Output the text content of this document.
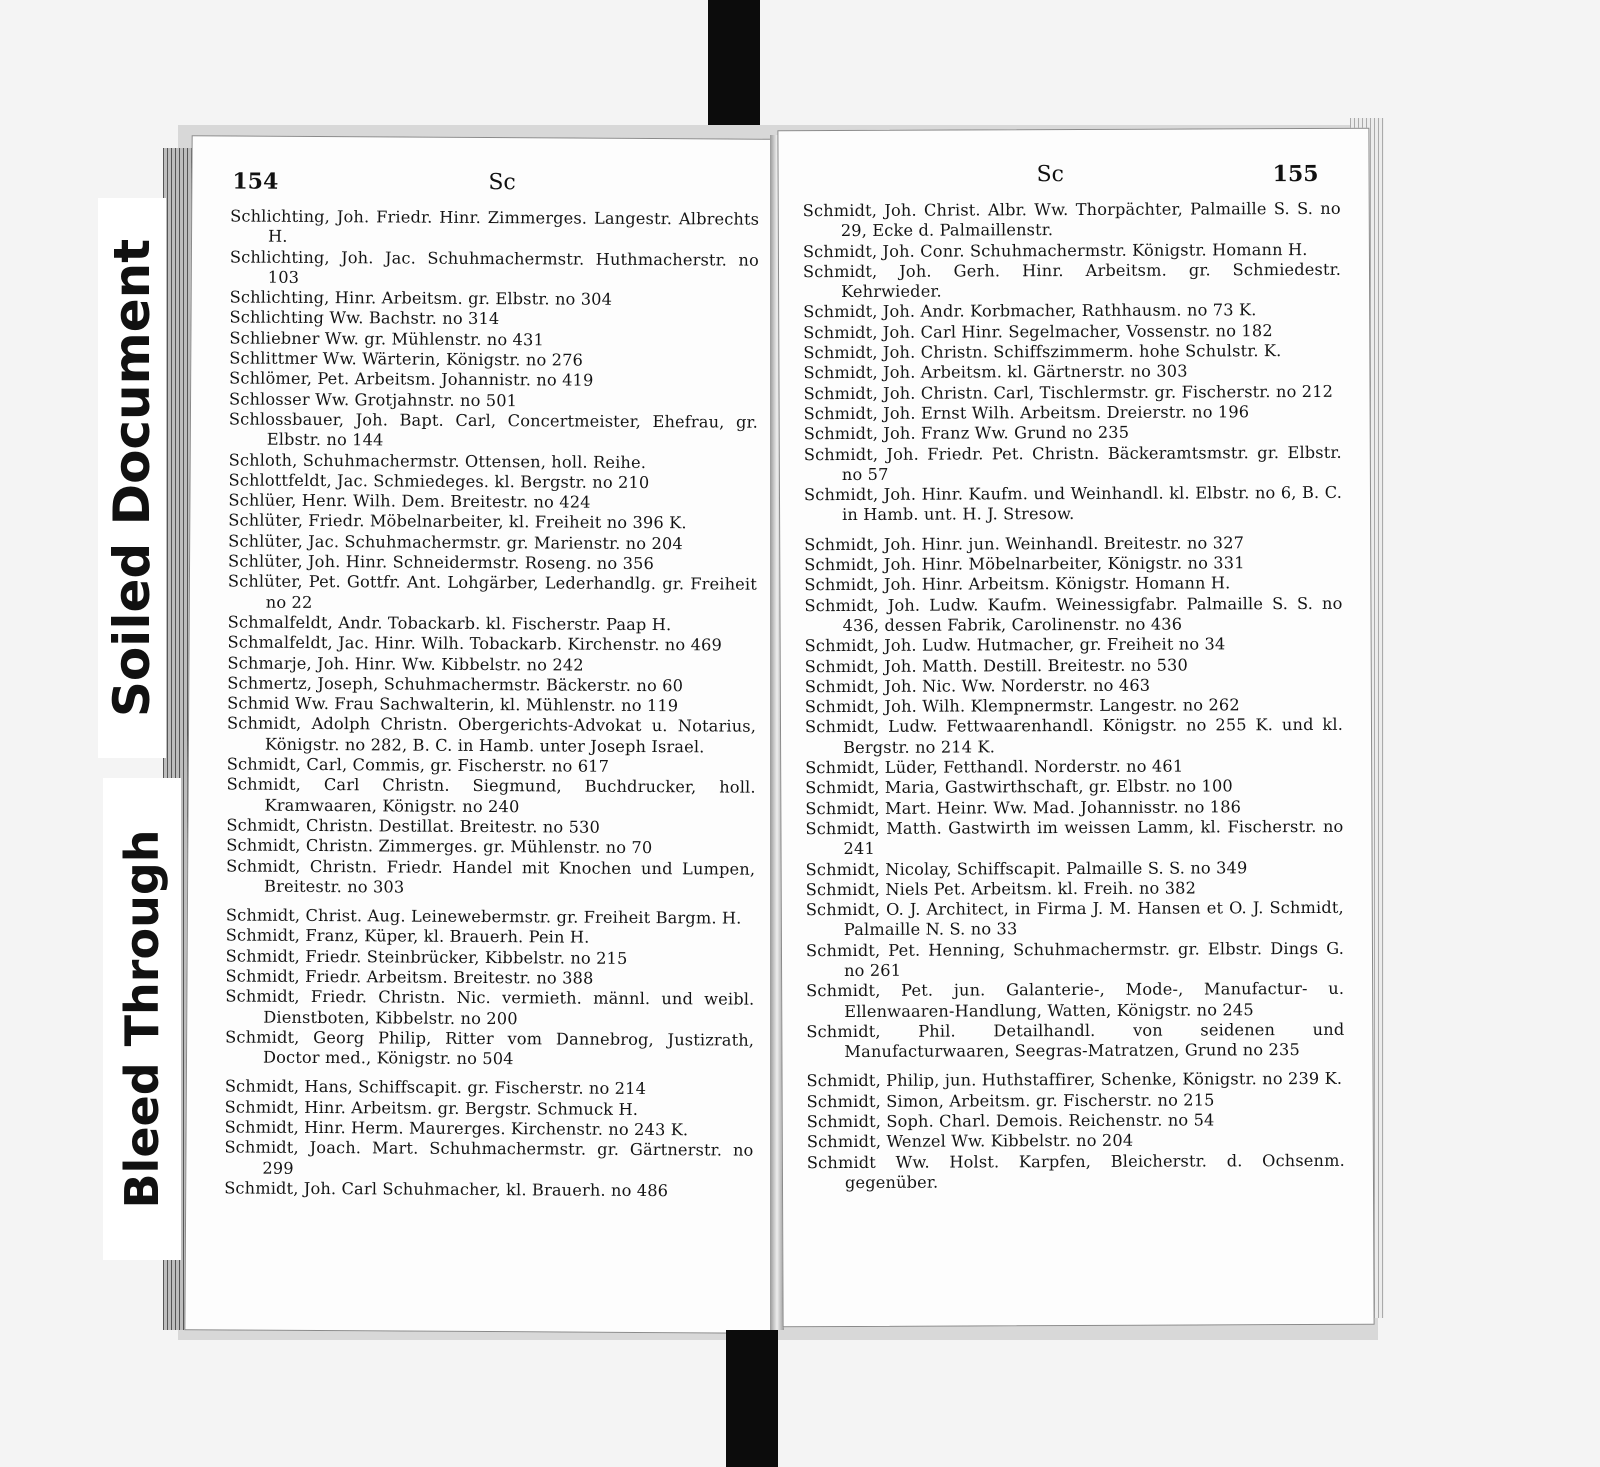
154	Sc

Schlichting, Joh. Friedr. Hinr. Zimmerges. Langestr. Albrechts H.

Schlichting, Joh. Jac. Schuhmachermstr. Huthmacherstr. no 103

Schlichting, Hinr. Arbeitsm. gr. Elbstr. no 304

Schlichting Ww. Bachstr. no 314

Schliebner Ww. gr. Mühlenstr. no 431

Schlittmer Ww. Wärterin, Königstr. no 276

Schlömer, Pet. Arbeitsm. Johannistr. no 419

Schlosser Ww. Grotjahnstr. no 501

Schlossbauer, Joh. Bapt. Carl, Concertmeister, Ehefrau, gr. Elbstr. no 144

Schloth, Schuhmachermstr. Ottensen, holl. Reihe.

Schlottfeldt, Jac. Schmiedeges. kl. Bergstr. no 210

Schlüer, Henr. Wilh. Dem. Breitestr. no 424

Schlüter, Friedr. Möbelnarbeiter, kl. Freiheit no 396 K.

Schlüter, Jac. Schuhmachermstr. gr. Marienstr. no 204

Schlüter, Joh. Hinr. Schneidermstr. Roseng. no 356

Schlüter, Pet. Gottfr. Ant. Lohgärber, Lederhandlg. gr. Freiheit no 22

Schmalfeldt, Andr. Tobackarb. kl. Fischerstr. Paap H.

Schmalfeldt, Jac. Hinr. Wilh. Tobackarb. Kirchenstr. no 469

Schmarje, Joh. Hinr. Ww. Kibbelstr. no 242

Schmertz, Joseph, Schuhmachermstr. Bäckerstr. no 60

Schmid Ww. Frau Sachwalterin, kl. Mühlenstr. no 119

Schmidt, Adolph Christn. Obergerichts-Advokat u. Notarius, Königstr. no 282, B. C. in Hamb. unter Joseph Israel.

Schmidt, Carl, Commis, gr. Fischerstr. no 617

Schmidt, Carl Christn. Siegmund, Buchdrucker, holl. Kramwaaren, Königstr. no 240

Schmidt, Christn. Destillat. Breitestr. no 530

Schmidt, Christn. Zimmerges. gr. Mühlenstr. no 70

Schmidt, Christn. Friedr. Handel mit Knochen und Lumpen, Breitestr. no 303

Schmidt, Christ. Aug. Leinewebermstr. gr. Freiheit Bargm. H.

Schmidt, Franz, Küper, kl. Brauerh. Pein H.

Schmidt, Friedr. Steinbrücker, Kibbelstr. no 215

Schmidt, Friedr. Arbeitsm. Breitestr. no 388

Schmidt, Friedr. Christn. Nic. vermieth. männl. und weibl. Dienstboten, Kibbelstr. no 200

Schmidt, Georg Philip, Ritter vom Dannebrog, Justizrath, Doctor med., Königstr. no 504

Schmidt, Hans, Schiffscapit. gr. Fischerstr. no 214

Schmidt, Hinr. Arbeitsm. gr. Bergstr. Schmuck H.

Schmidt, Hinr. Herm. Maurerges. Kirchenstr. no 243 K.

Schmidt, Joach. Mart. Schuhmachermstr. gr. Gärtnerstr. no 299

Schmidt, Joh. Carl Schuhmacher, kl. Brauerh. no 486

Sc	155

Schmidt, Joh. Christ. Albr. Ww. Thorpächter, Palmaille S. S. no 29, Ecke d. Palmaillenstr.

Schmidt, Joh. Conr. Schuhmachermstr. Königstr. Homann H.

Schmidt, Joh. Gerh. Hinr. Arbeitsm. gr. Schmiedestr. Kehrwieder.

Schmidt, Joh. Andr. Korbmacher, Rathhausm. no 73 K.

Schmidt, Joh. Carl Hinr. Segelmacher, Vossenstr. no 182

Schmidt, Joh. Christn. Schiffszimmerm. hohe Schulstr. K.

Schmidt, Joh. Arbeitsm. kl. Gärtnerstr. no 303

Schmidt, Joh. Christn. Carl, Tischlermstr. gr. Fischerstr. no 212

Schmidt, Joh. Ernst Wilh. Arbeitsm. Dreierstr. no 196

Schmidt, Joh. Franz Ww. Grund no 235

Schmidt, Joh. Friedr. Pet. Christn. Bäckeramtsmstr. gr. Elbstr. no 57

Schmidt, Joh. Hinr. Kaufm. und Weinhandl. kl. Elbstr. no 6, B. C. in Hamb. unt. H. J. Stresow.

Schmidt, Joh. Hinr. jun. Weinhandl. Breitestr. no 327

Schmidt, Joh. Hinr. Möbelnarbeiter, Königstr. no 331

Schmidt, Joh. Hinr. Arbeitsm. Königstr. Homann H.

Schmidt, Joh. Ludw. Kaufm. Weinessigfabr. Palmaille S. S. no 436, dessen Fabrik, Carolinenstr. no 436

Schmidt, Joh. Ludw. Hutmacher, gr. Freiheit no 34

Schmidt, Joh. Matth. Destill. Breitestr. no 530

Schmidt, Joh. Nic. Ww. Norderstr. no 463

Schmidt, Joh. Wilh. Klempnermstr. Langestr. no 262

Schmidt, Ludw. Fettwaarenhandl. Königstr. no 255 K. und kl. Bergstr. no 214 K.

Schmidt, Lüder, Fetthandl. Norderstr. no 461

Schmidt, Maria, Gastwirthschaft, gr. Elbstr. no 100

Schmidt, Mart. Heinr. Ww. Mad. Johannisstr. no 186

Schmidt, Matth. Gastwirth im weissen Lamm, kl. Fischerstr. no 241

Schmidt, Nicolay, Schiffscapit. Palmaille S. S. no 349

Schmidt, Niels Pet. Arbeitsm. kl. Freih. no 382

Schmidt, O. J. Architect, in Firma J. M. Hansen et O. J. Schmidt, Palmaille N. S. no 33

Schmidt, Pet. Henning, Schuhmachermstr. gr. Elbstr. Dings G. no 261

Schmidt, Pet. jun. Galanterie-, Mode-, Manufactur- u. Ellenwaaren-Handlung, Watten, Königstr. no 245

Schmidt, Phil. Detailhandl. von seidenen und Manufacturwaaren, Seegras-Matratzen, Grund no 235

Schmidt, Philip, jun. Huthstaffirer, Schenke, Königstr. no 239 K.

Schmidt, Simon, Arbeitsm. gr. Fischerstr. no 215

Schmidt, Soph. Charl. Demois. Reichenstr. no 54

Schmidt, Wenzel Ww. Kibbelstr. no 204

Schmidt Ww. Holst. Karpfen, Bleicherstr. d. Ochsenm. gegenüber.

Soiled Document
Bleed Through
